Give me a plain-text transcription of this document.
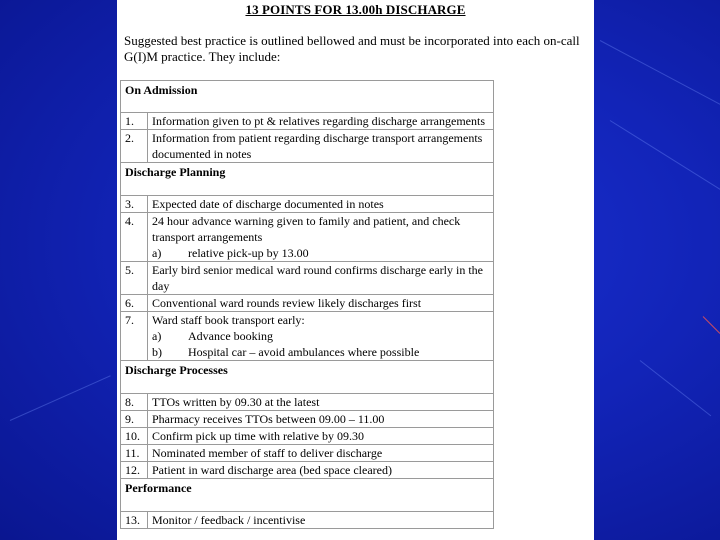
13 POINTS FOR 13.00h DISCHARGE
Suggested best practice is outlined bellowed and must be incorporated into each on-call G(I)M practice. They include:
On Admission	
1.	Information given to pt & relatives regarding discharge arrangements
2.	Information from patient regarding discharge transport arrangements documented in notes
Discharge Planning	
3.	Expected date of discharge documented in notes
4.	24 hour advance warning given to family and patient, and check transport arrangements
a) relative pick-up by 13.00

5.	Early bird senior medical ward round confirms discharge early in the day
6.	Conventional ward rounds review likely discharges first
7.	Ward staff book transport early:
a) Advance booking
b) Hospital car – avoid ambulances where possible

Discharge Processes	
8.	TTOs written by 09.30 at the latest
9.	Pharmacy receives TTOs between 09.00 – 11.00
10.	Confirm pick up time with relative by 09.30
11.	Nominated member of staff to deliver discharge
12.	Patient in ward discharge area (bed space cleared)
Performance	
13.	Monitor / feedback / incentivise
